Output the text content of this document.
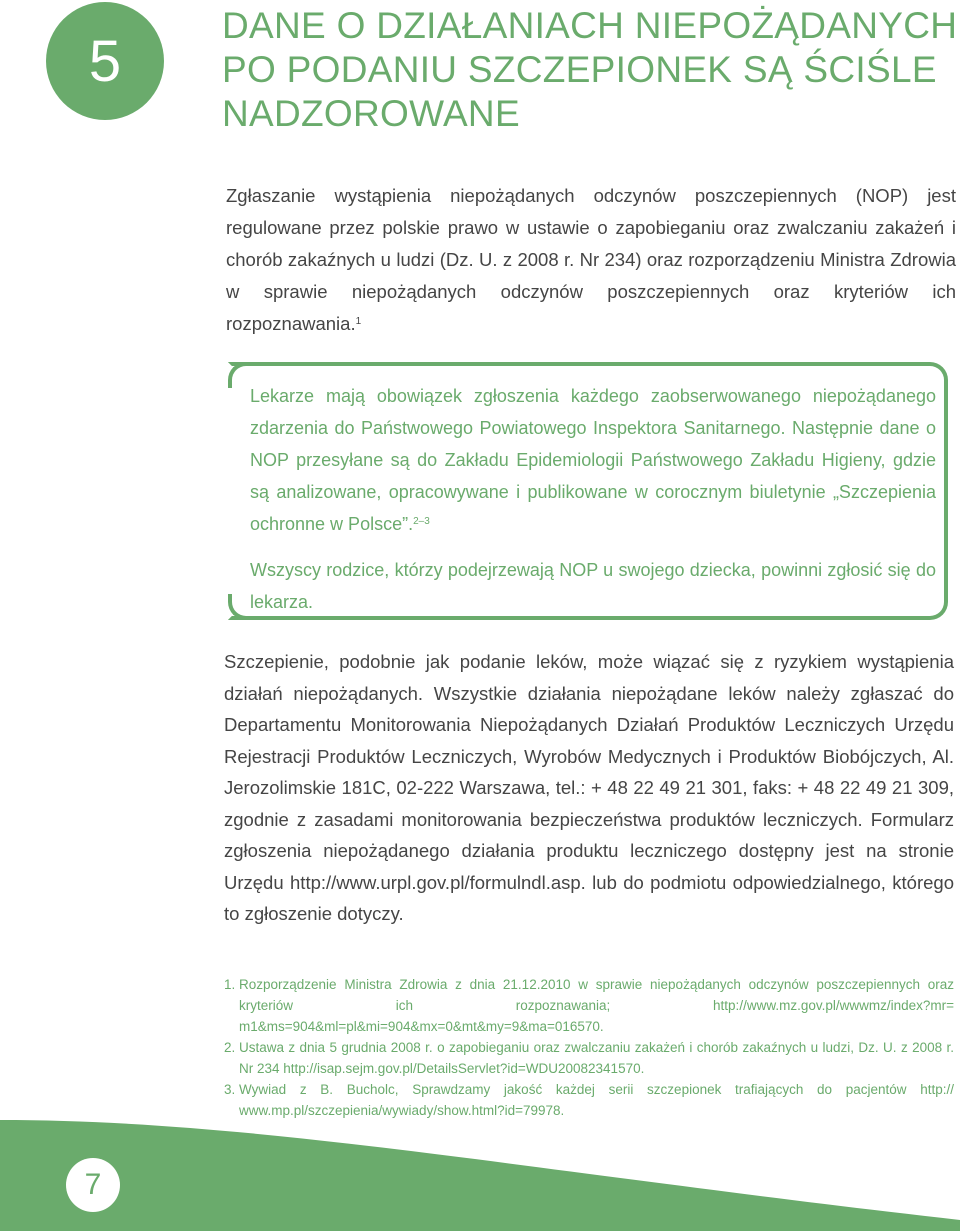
5
DANE O DZIAŁANIACH NIEPOŻĄDANYCH
PO PODANIU SZCZEPIONEK SĄ ŚCIŚLE
NADZOROWANE
Zgłaszanie wystąpienia niepożądanych odczynów poszczepiennych (NOP) jest regulowane przez polskie prawo w ustawie o zapobieganiu oraz zwalczaniu zakażeń i chorób zakaźnych u ludzi (Dz. U. z 2008 r. Nr 234) oraz rozporządzeniu Ministra Zdrowia w sprawie niepożądanych odczynów poszczepiennych oraz kryteriów ich rozpoznawania.$^1$
Lekarze mają obowiązek zgłoszenia każdego zaobserwowanego niepożądanego zdarzenia do Państwowego Powiatowego Inspektora Sanitarnego. Następnie dane o NOP przesyłane są do Zakładu Epidemiologii Państwowego Zakładu Higieny, gdzie są analizowane, opracowywane i publikowane w corocznym biuletynie „Szczepienia ochronne w Polsce”.$^{2-3}$
Wszyscy rodzice, którzy podejrzewają NOP u swojego dziecka, powinni zgłosić się do lekarza.
Szczepienie, podobnie jak podanie leków, może wiązać się z ryzykiem wystąpienia działań niepożądanych. Wszystkie działania niepożądane leków należy zgłaszać do Departamentu Monitorowania Niepożądanych Działań Produktów Leczniczych Urzędu Rejestracji Produktów Leczniczych, Wyrobów Medycznych i Produktów Biobójczych, Al. Jerozolimskie 181C, 02-222 Warszawa, tel.: + 48 22 49 21 301, faks: + 48 22 49 21 309, zgodnie z zasadami monitorowania bezpieczeństwa produktów leczniczych. Formularz zgłoszenia niepożądanego działania produktu leczniczego dostępny jest na stronie Urzędu http://www.urpl.gov.pl/formulndl.asp. lub do podmiotu odpowiedzialnego, którego to zgłoszenie dotyczy.
1. Rozporządzenie Ministra Zdrowia z dnia 21.12.2010 w sprawie niepożądanych odczynów poszczepiennych oraz kryteriów ich rozpoznawania; http://www.mz.gov.pl/wwwmz/index?mr= m1&ms=904&ml=pl&mi=904&mx=0&mt&my=9&ma=016570.
2. Ustawa z dnia 5 grudnia 2008 r. o zapobieganiu oraz zwalczaniu zakażeń i chorób zakaźnych u ludzi, Dz. U. z 2008 r. Nr 234 http://isap.sejm.gov.pl/DetailsServlet?id=WDU20082341570.
3. Wywiad z B. Bucholc, Sprawdzamy jakość każdej serii szczepionek trafiających do pacjentów http:// www.mp.pl/szczepienia/wywiady/show.html?id=79978.
7
